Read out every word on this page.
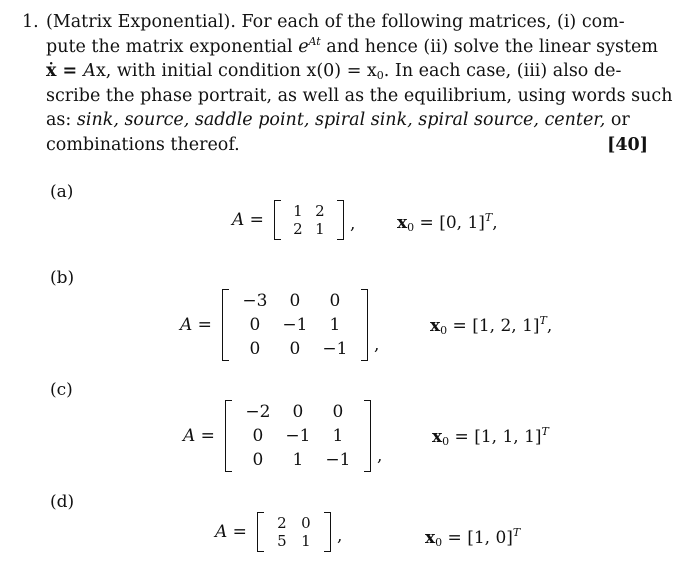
1. (Matrix Exponential). For each of the following matrices, (i) com-
pute the matrix exponential $e^{At}$ and hence (ii) solve the linear system
ẋ = Ax, with initial condition $x(0) = x_0$. In each case, (iii) also de-
scribe the phase portrait, as well as the equilibrium, using words such
as: sink, source, saddle point, spiral sink, spiral source, center, or
combinations thereof.	[40]
(a)
A =	1 2
2 1	, $x_0 = [0$, 1]$^T$,
(b)
A =
−3	0	0
0	−1	1
0	0	−1	,
$x_0 = [1$, 2, 1]$^T$,
(c)
A =
−2	0	0
0	−1	1
0	1	−1	,
$x_0 = [1$, 1, 1]$^T$
(d)
A =	2 0
5 1	,	$x_0 = [1$, 0]$^T$
